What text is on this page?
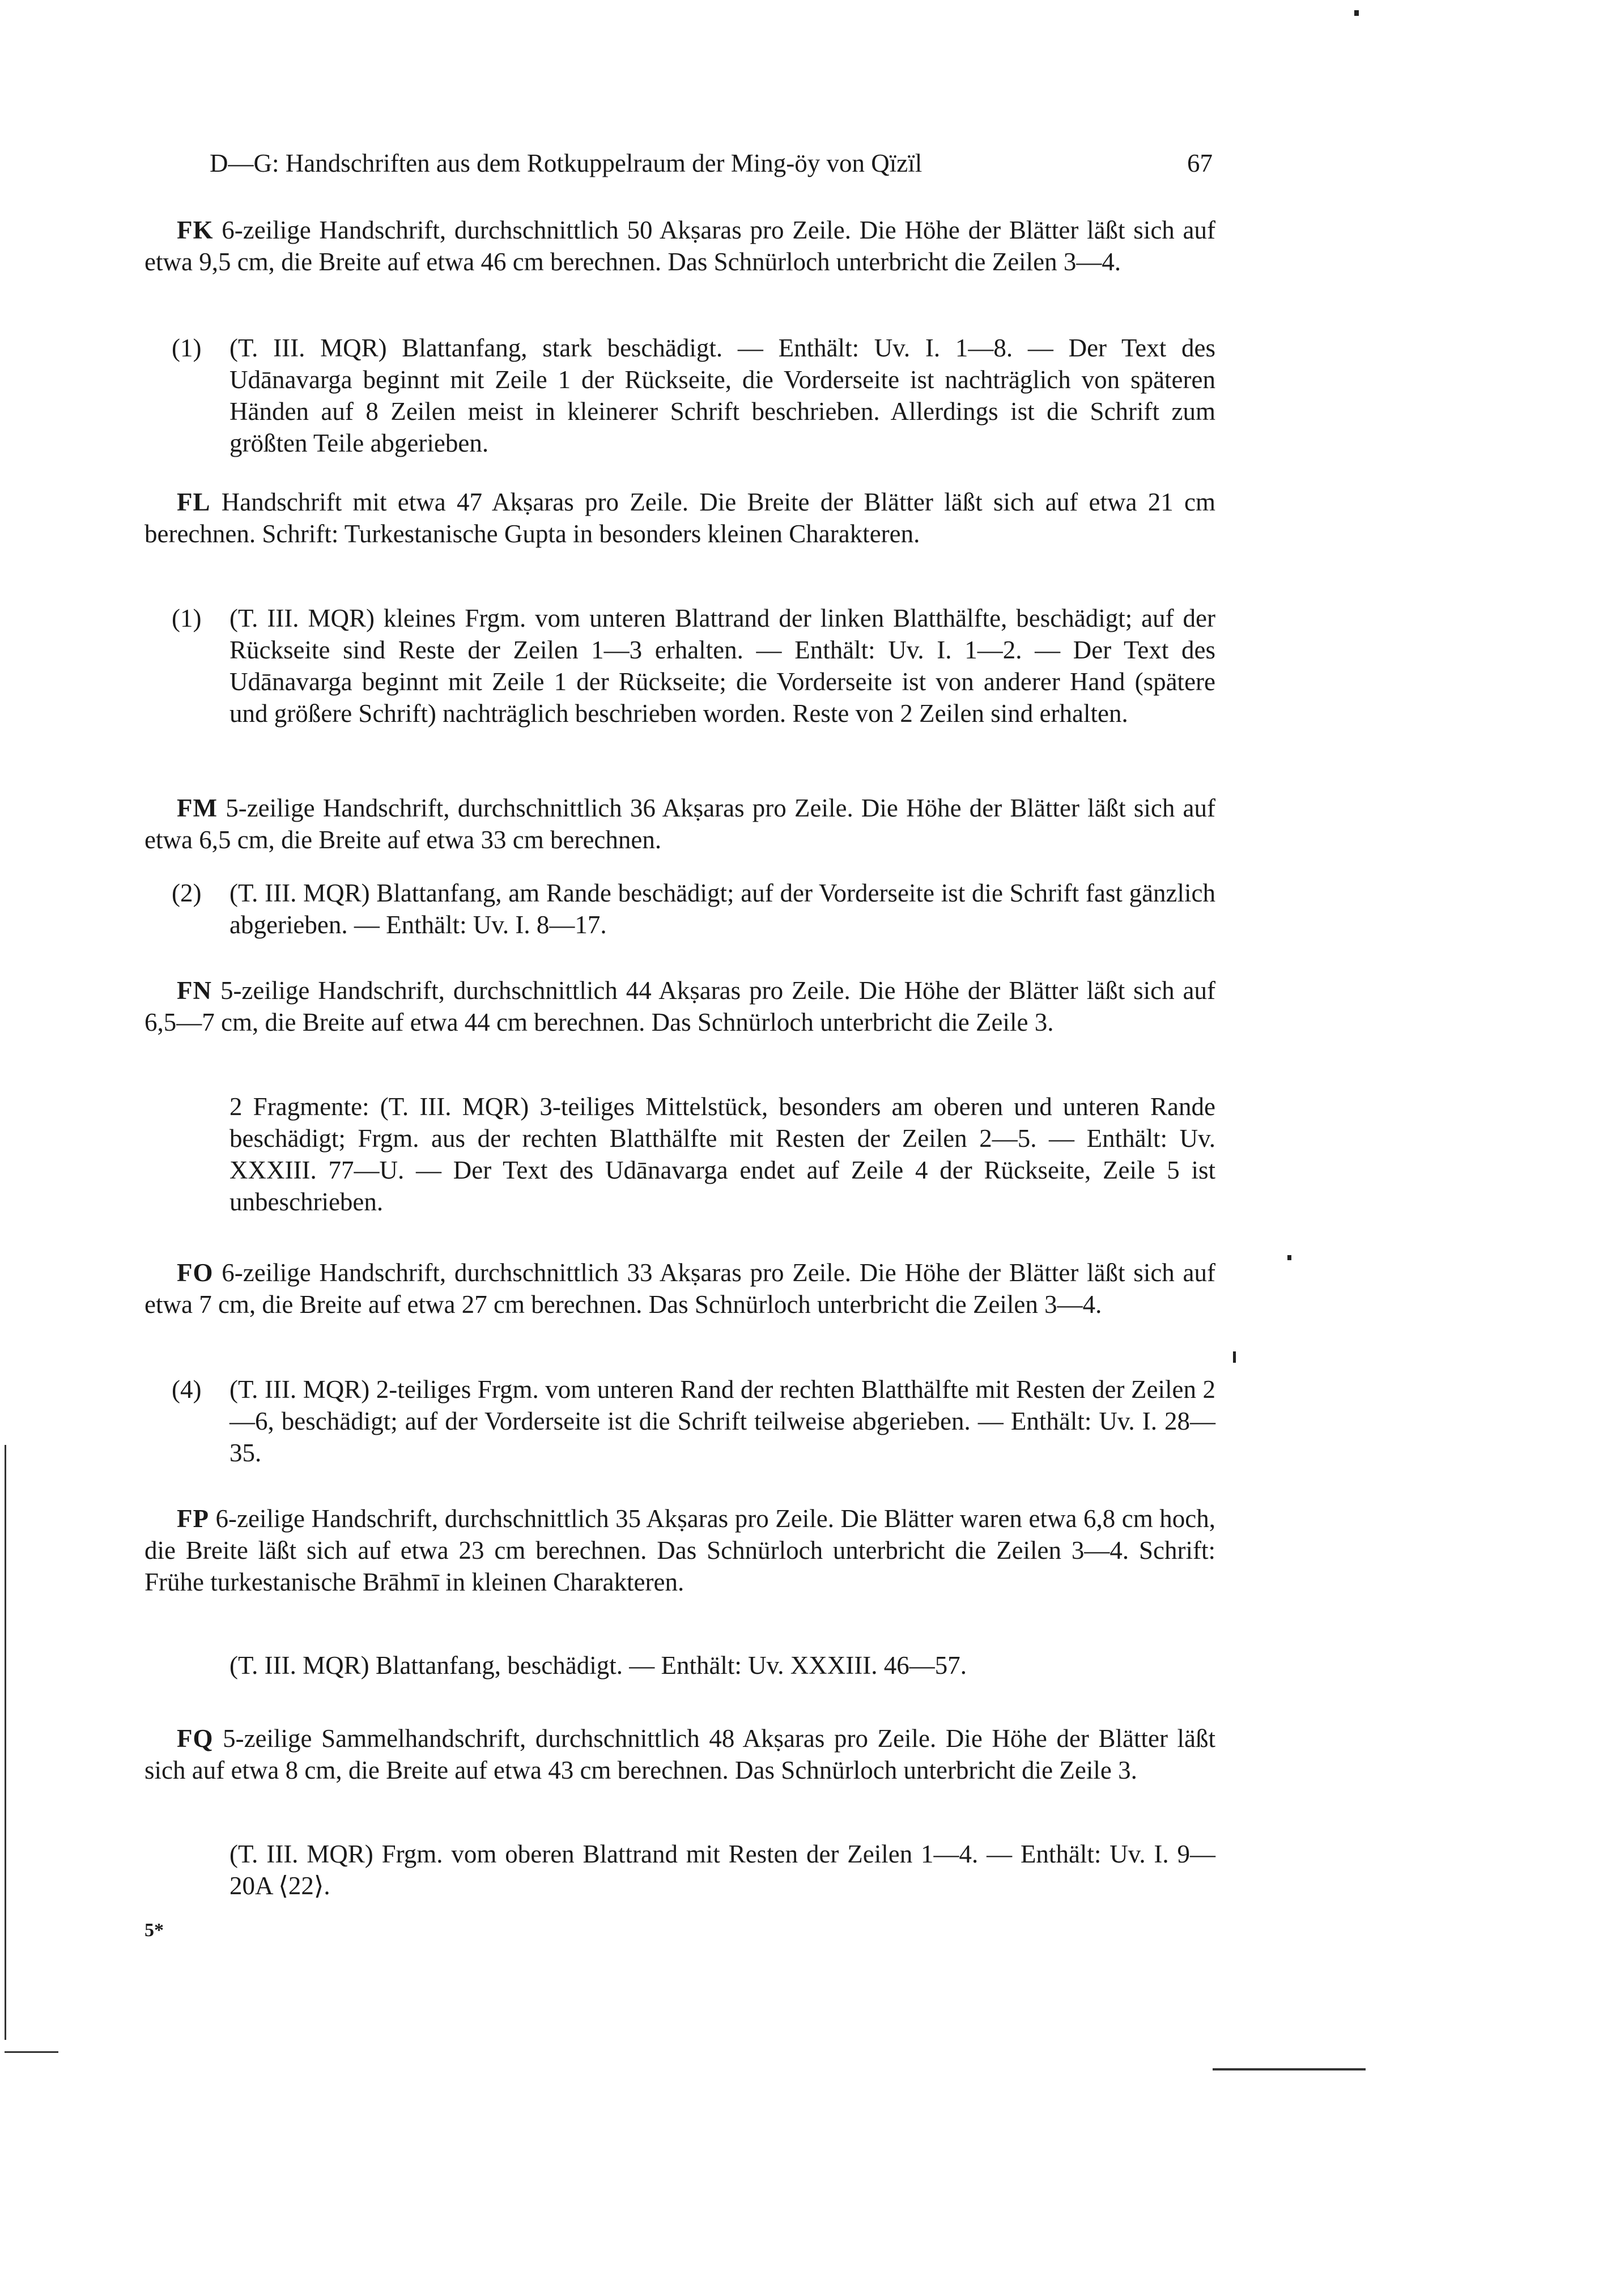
D—G: Handschriften aus dem Rotkuppelraum der Ming-öy von Qïzïl	67

FK 6-zeilige Handschrift, durchschnittlich 50 Akṣaras pro Zeile. Die Höhe der Blätter läßt sich auf etwa 9,5 cm, die Breite auf etwa 46 cm berechnen. Das Schnürloch unterbricht die Zeilen 3—4.

(1)	(T. III. MQR) Blattanfang, stark beschädigt. — Enthält: Uv. I. 1—8. — Der Text des Udānavarga beginnt mit Zeile 1 der Rückseite, die Vorderseite ist nachträglich von späteren Händen auf 8 Zeilen meist in kleinerer Schrift beschrieben. Allerdings ist die Schrift zum größten Teile abgerieben.

FL Handschrift mit etwa 47 Akṣaras pro Zeile. Die Breite der Blätter läßt sich auf etwa 21 cm berechnen. Schrift: Turkestanische Gupta in besonders kleinen Charakteren.

(1)	(T. III. MQR) kleines Frgm. vom unteren Blattrand der linken Blatthälfte, beschädigt; auf der Rückseite sind Reste der Zeilen 1—3 erhalten. — Enthält: Uv. I. 1—2. — Der Text des Udānavarga beginnt mit Zeile 1 der Rückseite; die Vorderseite ist von anderer Hand (spätere und größere Schrift) nachträglich beschrieben worden. Reste von 2 Zeilen sind erhalten.

FM 5-zeilige Handschrift, durchschnittlich 36 Akṣaras pro Zeile. Die Höhe der Blätter läßt sich auf etwa 6,5 cm, die Breite auf etwa 33 cm berechnen.

(2)	(T. III. MQR) Blattanfang, am Rande beschädigt; auf der Vorderseite ist die Schrift fast gänzlich abgerieben. — Enthält: Uv. I. 8—17.

FN 5-zeilige Handschrift, durchschnittlich 44 Akṣaras pro Zeile. Die Höhe der Blätter läßt sich auf 6,5—7 cm, die Breite auf etwa 44 cm berechnen. Das Schnürloch unterbricht die Zeile 3.

2 Fragmente: (T. III. MQR) 3-teiliges Mittelstück, besonders am oberen und unteren Rande beschädigt; Frgm. aus der rechten Blatthälfte mit Resten der Zeilen 2—5. — Enthält: Uv. XXXIII. 77—U. — Der Text des Udānavarga endet auf Zeile 4 der Rückseite, Zeile 5 ist unbeschrieben.

FO 6-zeilige Handschrift, durchschnittlich 33 Akṣaras pro Zeile. Die Höhe der Blätter läßt sich auf etwa 7 cm, die Breite auf etwa 27 cm berechnen. Das Schnürloch unterbricht die Zeilen 3—4.

(4)	(T. III. MQR) 2-teiliges Frgm. vom unteren Rand der rechten Blatthälfte mit Resten der Zeilen 2—6, beschädigt; auf der Vorderseite ist die Schrift teilweise abgerieben. — Enthält: Uv. I. 28—35.

FP 6-zeilige Handschrift, durchschnittlich 35 Akṣaras pro Zeile. Die Blätter waren etwa 6,8 cm hoch, die Breite läßt sich auf etwa 23 cm berechnen. Das Schnürloch unterbricht die Zeilen 3—4. Schrift: Frühe turkestanische Brāhmī in kleinen Charakteren.

(T. III. MQR) Blattanfang, beschädigt. — Enthält: Uv. XXXIII. 46—57.

FQ 5-zeilige Sammelhandschrift, durchschnittlich 48 Akṣaras pro Zeile. Die Höhe der Blätter läßt sich auf etwa 8 cm, die Breite auf etwa 43 cm berechnen. Das Schnürloch unterbricht die Zeile 3.

(T. III. MQR) Frgm. vom oberen Blattrand mit Resten der Zeilen 1—4. — Enthält: Uv. I. 9—20A ⟨22⟩.

5*
